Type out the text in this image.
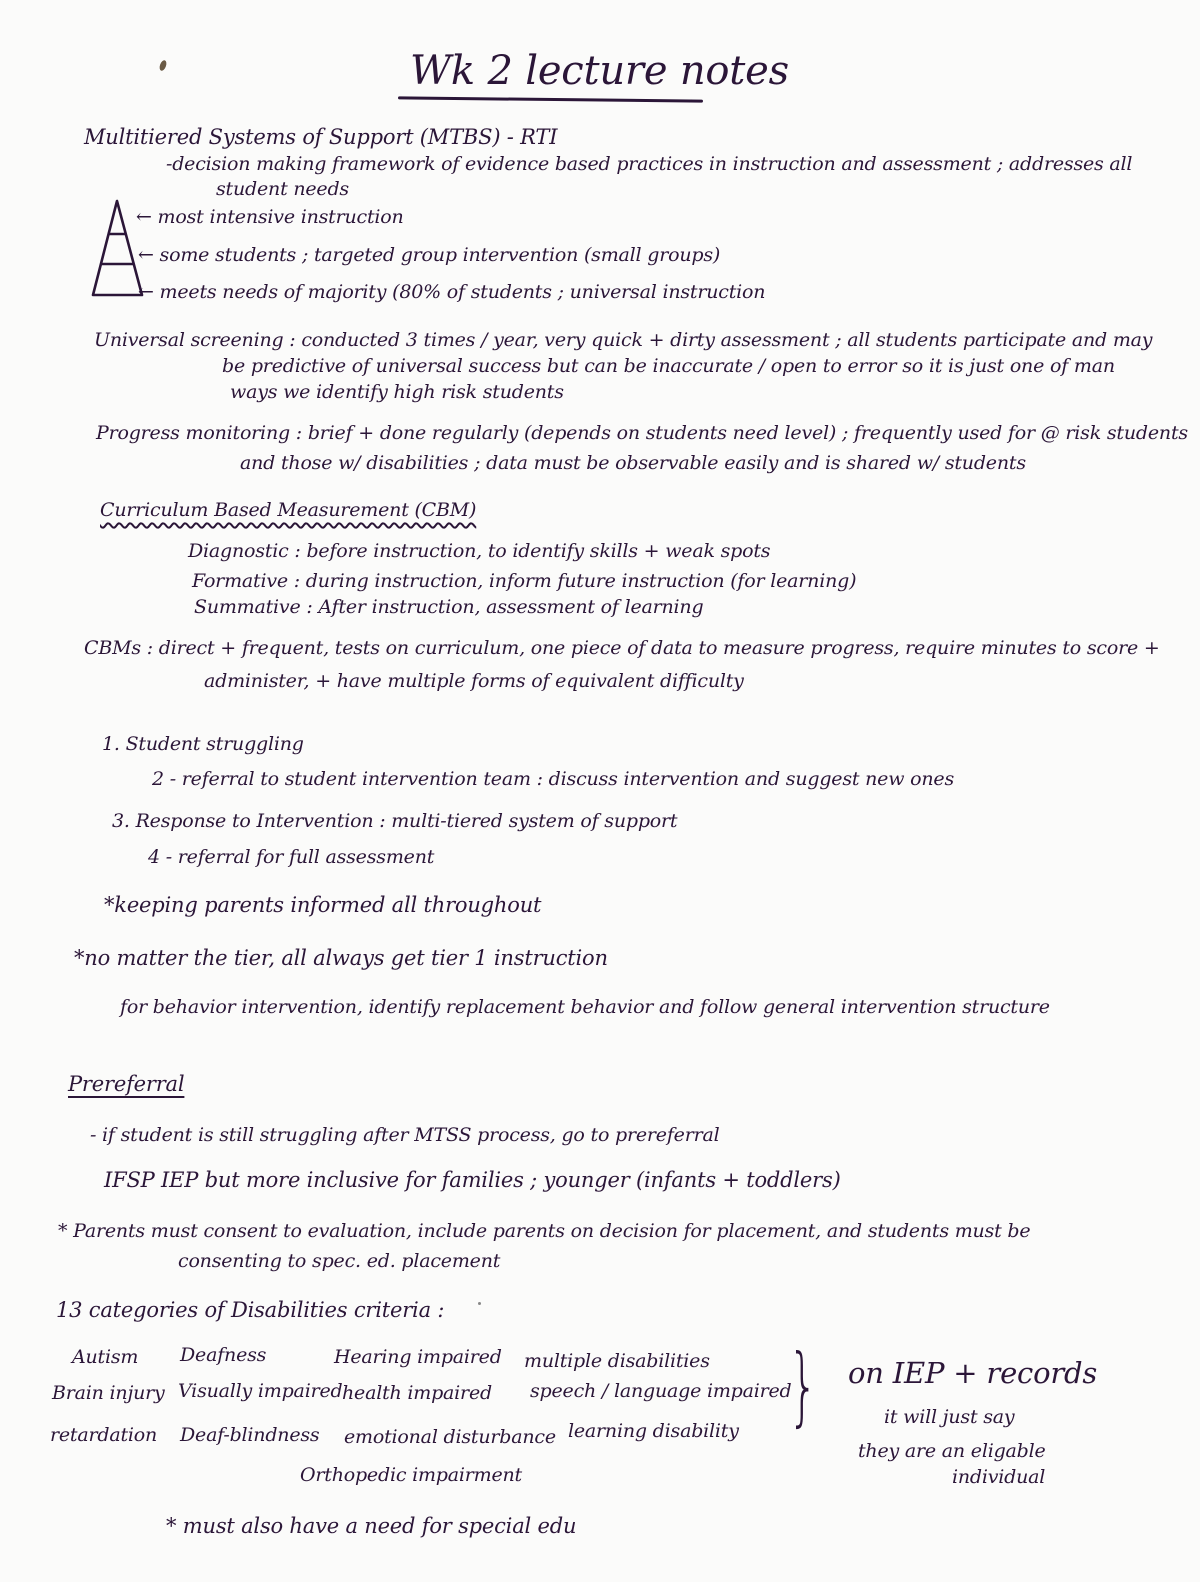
Wk 2 lecture notes
Multitiered Systems of Support (MTBS) - RTI
-decision making framework of evidence based practices in instruction and assessment ; addresses all
student needs
← most intensive instruction
← some students ; targeted group intervention (small groups)
← meets needs of majority (80% of students ; universal instruction
Universal screening : conducted 3 times / year, very quick + dirty assessment ; all students participate and may
be predictive of universal success but can be inaccurate / open to error so it is just one of man
ways we identify high risk students
Progress monitoring : brief + done regularly (depends on students need level) ; frequently used for @ risk students
and those w/ disabilities ; data must be observable easily and is shared w/ students
Curriculum Based Measurement (CBM)
Diagnostic : before instruction, to identify skills + weak spots
Formative : during instruction, inform future instruction (for learning)
Summative : After instruction, assessment of learning
CBMs : direct + frequent, tests on curriculum, one piece of data to measure progress, require minutes to score +
administer, + have multiple forms of equivalent difficulty
1. Student struggling
2 - referral to student intervention team : discuss intervention and suggest new ones
3. Response to Intervention : multi-tiered system of support
4 - referral for full assessment
*keeping parents informed all throughout
*no matter the tier, all always get tier 1 instruction
for behavior intervention, identify replacement behavior and follow general intervention structure
Prereferral
- if student is still struggling after MTSS process, go to prereferral
IFSP IEP but more inclusive for families ; younger (infants + toddlers)
* Parents must consent to evaluation, include parents on decision for placement, and students must be
consenting to spec. ed. placement
13 categories of Disabilities criteria :
Autism Deafness	Hearing impaired multiple disabilities
Brain injury Visually impaired health impaired speech / language impaired
retardation Deaf-blindness emotional disturbance learning disability
Orthopedic impairment
} on IEP + records
it will just say
they are an eligable
individual
* must also have a need for special edu
